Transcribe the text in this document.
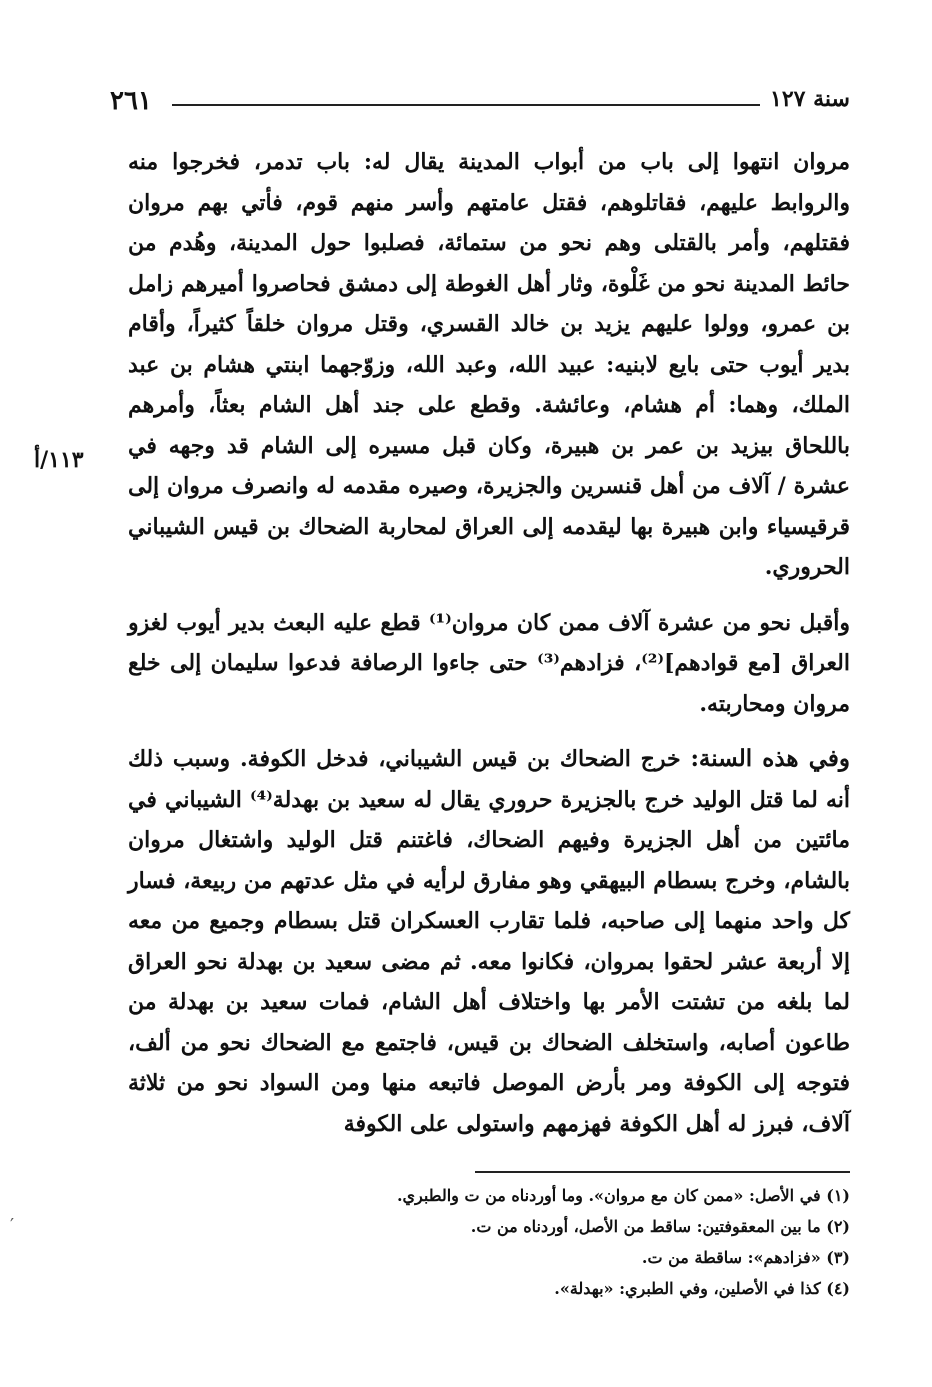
٢٦١	سنة ١٢٧
١١٣/أ

مروان انتهوا إلى باب من أبواب المدينة يقال له: باب تدمر، فخرجوا منه والروابط عليهم، فقاتلوهم، فقتل عامتهم وأسر منهم قوم، فأتي بهم مروان فقتلهم، وأمر بالقتلى وهم نحو من ستمائة، فصلبوا حول المدينة، وهُدم من حائط المدينة نحو من غَلْوة، وثار أهل الغوطة إلى دمشق فحاصروا أميرهم زامل بن عمرو، وولوا عليهم يزيد بن خالد القسري، وقتل مروان خلقاً كثيراً، وأقام بدير أيوب حتى بايع لابنيه: عبيد الله، وعبد الله، وزوّجهما ابنتي هشام بن عبد الملك، وهما: أم هشام، وعائشة. وقطع على جند أهل الشام بعثاً، وأمرهم باللحاق بيزيد بن عمر بن هبيرة، وكان قبل مسيره إلى الشام قد وجهه في عشرة / آلاف من أهل قنسرين والجزيرة، وصيره مقدمه له وانصرف مروان إلى قرقيسياء وابن هبيرة بها ليقدمه إلى العراق لمحاربة الضحاك بن قيس الشيباني الحروري.

وأقبل نحو من عشرة آلاف ممن كان مروان⁽¹⁾ قطع عليه البعث بدير أيوب لغزو العراق [مع قوادهم]⁽²⁾، فزادهم⁽³⁾ حتى جاءوا الرصافة فدعوا سليمان إلى خلع مروان ومحاربته.

وفي هذه السنة: خرج الضحاك بن قيس الشيباني، فدخل الكوفة. وسبب ذلك أنه لما قتل الوليد خرج بالجزيرة حروري يقال له سعيد بن بهدلة⁽⁴⁾ الشيباني في مائتين من أهل الجزيرة وفيهم الضحاك، فاغتنم قتل الوليد واشتغال مروان بالشام، وخرج بسطام البيهقي وهو مفارق لرأيه في مثل عدتهم من ربيعة، فسار كل واحد منهما إلى صاحبه، فلما تقارب العسكران قتل بسطام وجميع من معه إلا أربعة عشر لحقوا بمروان، فكانوا معه. ثم مضى سعيد بن بهدلة نحو العراق لما بلغه من تشتت الأمر بها واختلاف أهل الشام، فمات سعيد بن بهدلة من طاعون أصابه، واستخلف الضحاك بن قيس، فاجتمع مع الضحاك نحو من ألف، فتوجه إلى الكوفة ومر بأرض الموصل فاتبعه منها ومن السواد نحو من ثلاثة آلاف، فبرز له أهل الكوفة فهزمهم واستولى على الكوفة

(١) في الأصل: «ممن كان مع مروان». وما أوردناه من ت والطبري.

(٢) ما بين المعقوفتين: ساقط من الأصل، أوردناه من ت.

(٣) «فزادهم»: ساقطة من ت.

(٤) كذا في الأصلين، وفي الطبري: «بهدلة».

′
